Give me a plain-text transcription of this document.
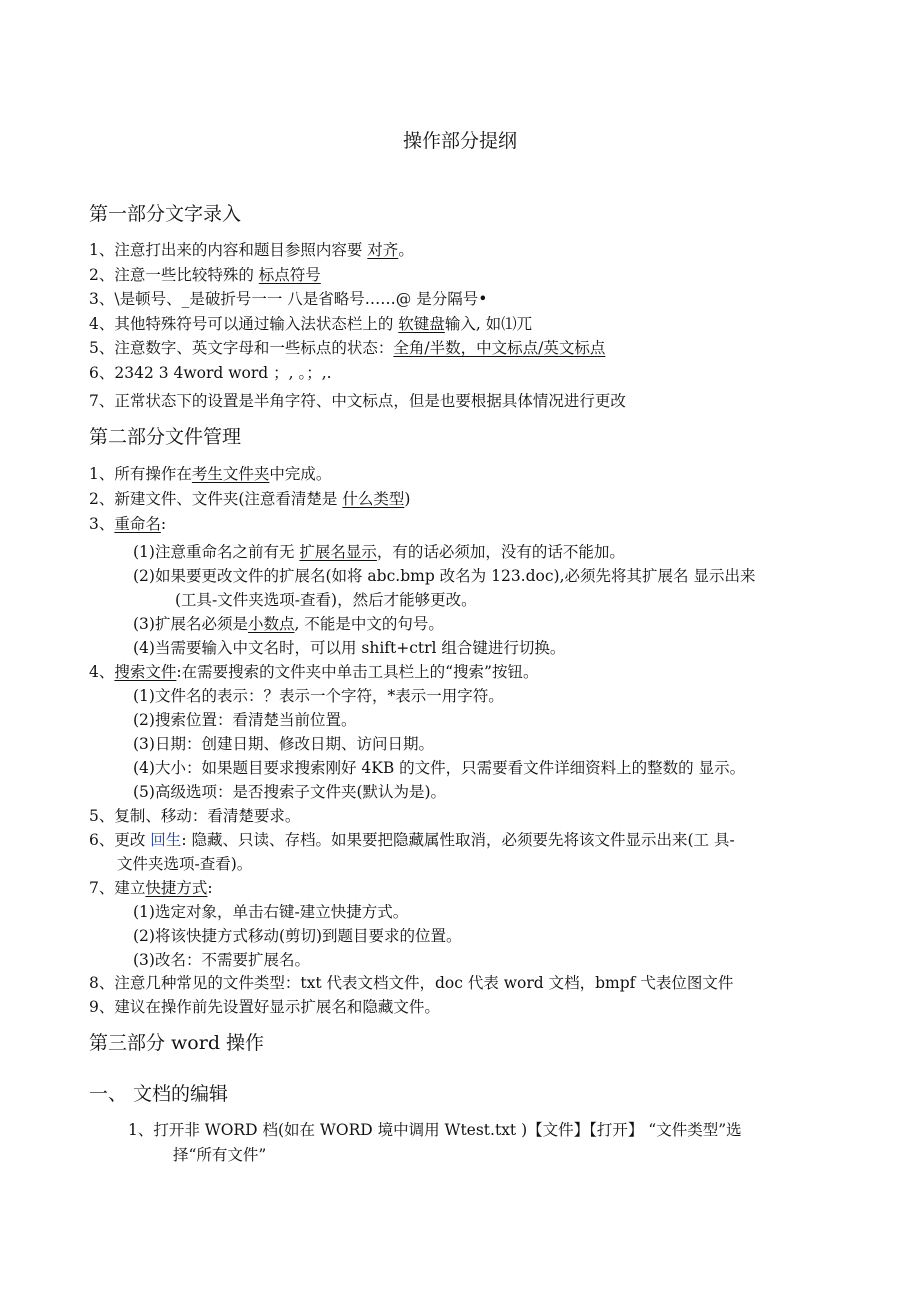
操作部分提纲
第一部分文字录入
1、注意打出来的内容和题目参照内容要 对齐。
2、注意一些比较特殊的 标点符号
3、\是顿号、_是破折号一一 八是省略号……@ 是分隔号•
4、其他特殊符号可以通过输入法状态栏上的 软键盘输入, 如⑴兀
5、注意数字、英文字母和一些标点的状态：全角/半数，中文标点/英文标点
6、2342 3 4word word ；, 。；,.
7、正常状态下的设置是半角字符、中文标点，但是也要根据具体情况进行更改
第二部分文件管理
1、所有操作在考生文件夹中完成。
2、新建文件、文件夹(注意看清楚是 什么类型)
3、重命名:
(1)注意重命名之前有无 扩展名显示，有的话必须加，没有的话不能加。
(2)如果要更改文件的扩展名(如将 abc.bmp 改名为 123.doc),必须先将其扩展名 显示出来
(工具-文件夹选项-查看)，然后才能够更改。
(3)扩展名必须是小数点, 不能是中文的句号。
(4)当需要输入中文名时，可以用 shift+ctrl 组合键进行切换。
4、搜索文件:在需要搜索的文件夹中单击工具栏上的“搜索”按钮。
(1)文件名的表示：？表示一个字符，*表示一用字符。
(2)搜索位置：看清楚当前位置。
(3)日期：创建日期、修改日期、访问日期。
(4)大小：如果题目要求搜索刚好 4KB 的文件，只需要看文件详细资料上的整数的 显示。
(5)高级选项：是否搜索子文件夹(默认为是)。
5、复制、移动：看清楚要求。
6、更改 回生: 隐藏、只读、存档。如果要把隐藏属性取消，必须要先将该文件显示出来(工 具-
文件夹选项-查看)。
7、建立快捷方式:
(1)选定对象，单击右键-建立快捷方式。
(2)将该快捷方式移动(剪切)到题目要求的位置。
(3)改名：不需要扩展名。
8、注意几种常见的文件类型：txt 代表文档文件，doc 代表 word 文档，bmpf 弋表位图文件
9、建议在操作前先设置好显示扩展名和隐藏文件。
第三部分 word 操作
一、 文档的编辑
1、打开非 WORD 档(如在 WORD 境中调用 Wtest.txt )【文件】【打开】 “文件类型”选
择“所有文件”
